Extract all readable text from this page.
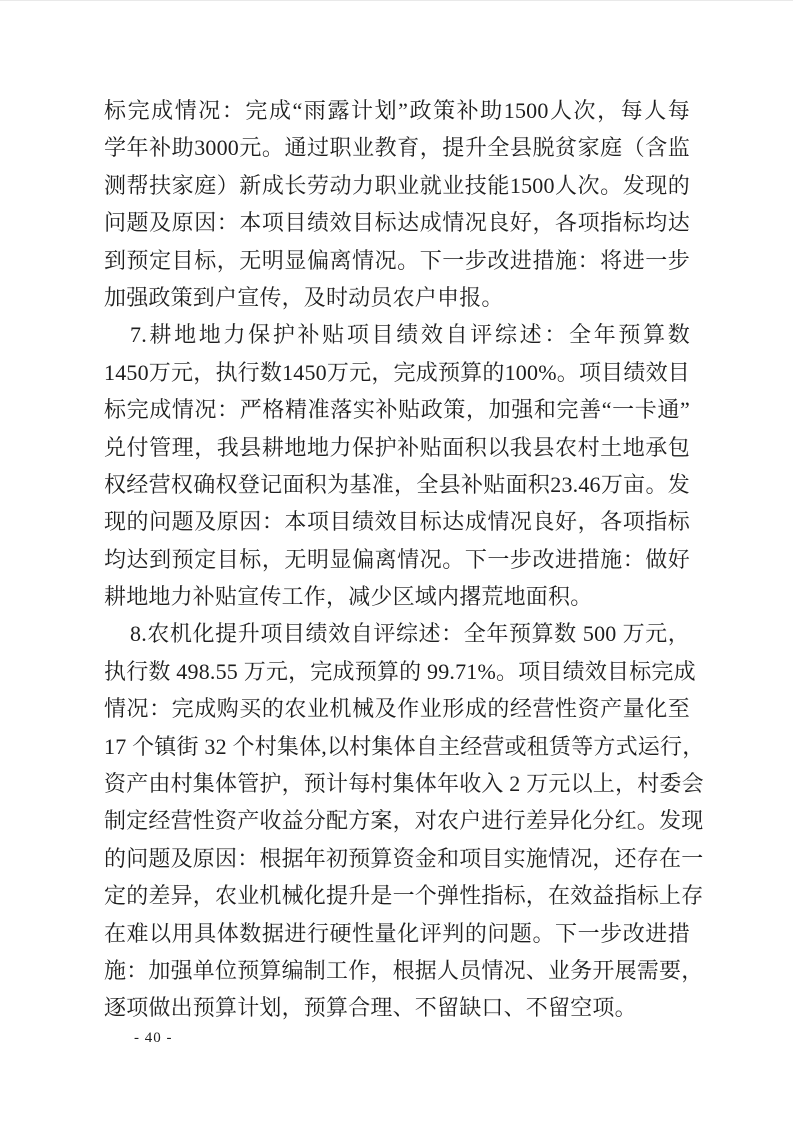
标完成情况：完成“雨露计划”政策补助1500人次，每人每
学年补助3000元。通过职业教育，提升全县脱贫家庭（含监
测帮扶家庭）新成长劳动力职业就业技能1500人次。发现的
问题及原因：本项目绩效目标达成情况良好，各项指标均达
到预定目标，无明显偏离情况。下一步改进措施：将进一步
加强政策到户宣传，及时动员农户申报。
7.耕地地力保护补贴项目绩效自评综述：全年预算数
1450万元，执行数1450万元，完成预算的100%。项目绩效目
标完成情况：严格精准落实补贴政策，加强和完善“一卡通”
兑付管理，我县耕地地力保护补贴面积以我县农村土地承包
权经营权确权登记面积为基准，全县补贴面积23.46万亩。发
现的问题及原因：本项目绩效目标达成情况良好，各项指标
均达到预定目标，无明显偏离情况。下一步改进措施：做好
耕地地力补贴宣传工作，减少区域内撂荒地面积。
8.农机化提升项目绩效自评综述：全年预算数 500 万元，
执行数 498.55 万元，完成预算的 99.71%。项目绩效目标完成
情况：完成购买的农业机械及作业形成的经营性资产量化至
17 个镇街 32 个村集体,以村集体自主经营或租赁等方式运行，
资产由村集体管护，预计每村集体年收入 2 万元以上，村委会
制定经营性资产收益分配方案，对农户进行差异化分红。发现
的问题及原因：根据年初预算资金和项目实施情况，还存在一
定的差异，农业机械化提升是一个弹性指标，在效益指标上存
在难以用具体数据进行硬性量化评判的问题。下一步改进措
施：加强单位预算编制工作，根据人员情况、业务开展需要，
逐项做出预算计划，预算合理、不留缺口、不留空项。
- 40 -
